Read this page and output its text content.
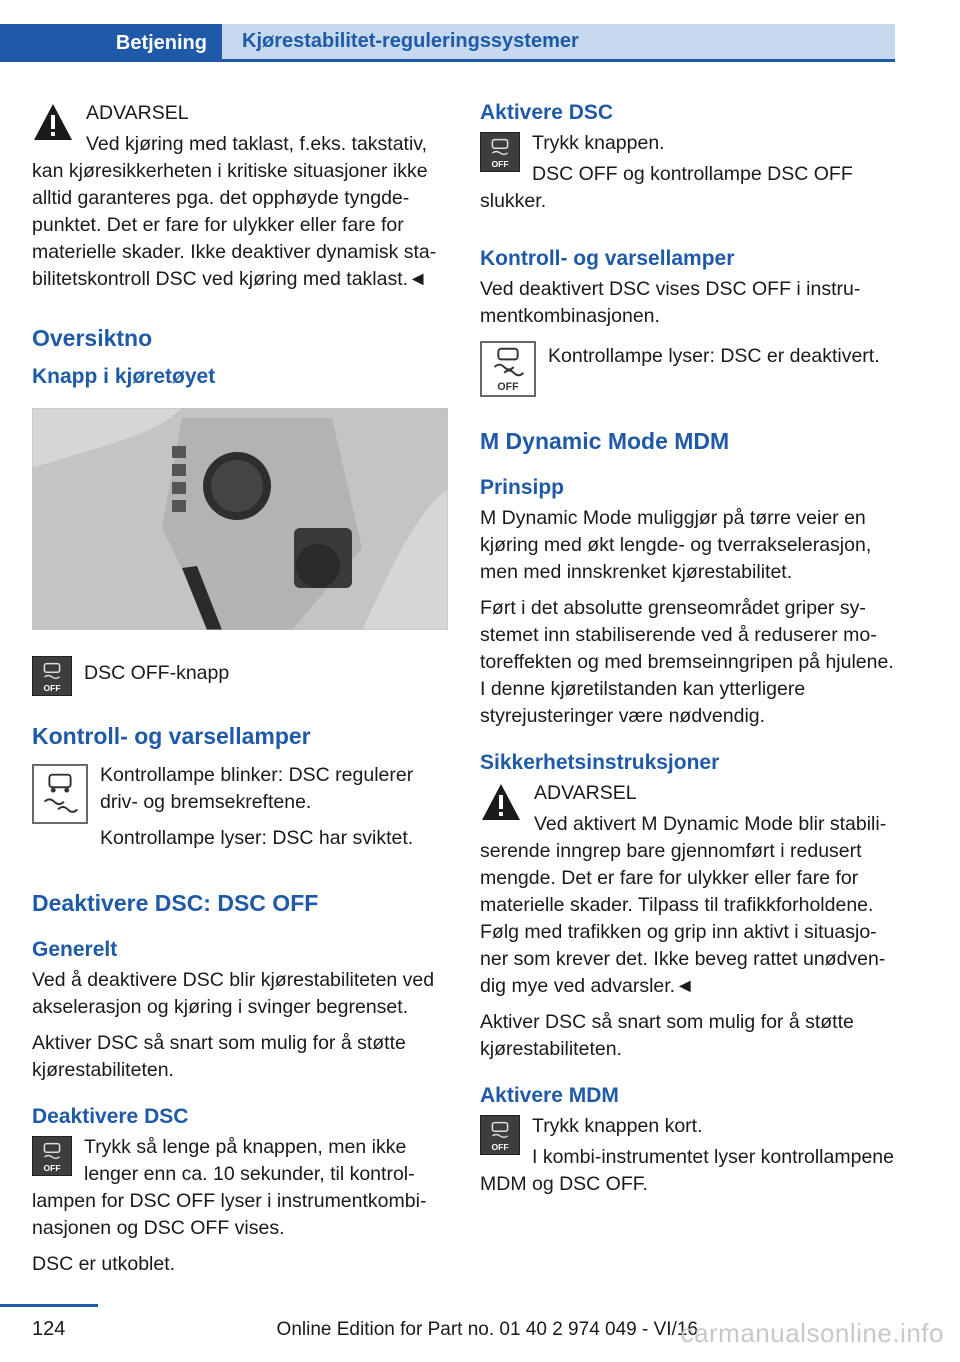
Betjening	Kjørestabilitet-reguleringssystemer

ADVARSEL

Ved kjøring med taklast, f.eks. takstativ, kan kjøresikkerheten i kritiske situasjoner ikke alltid garanteres pga. det opphøyde tyngdepunktet. Det er fare for ulykker eller fare for materielle skader. Ikke deaktiver dynamisk stabilitetskontroll DSC ved kjøring med taklast.◄

Oversiktno
Knapp i kjøretøyet
OFF

DSC OFF-knapp

Kontroll- og varsellamper

Kontrollampe blinker: DSC regulerer driv- og bremsekreftene.

Kontrollampe lyser: DSC har sviktet.

Deaktivere DSC: DSC OFF
Generelt

Ved å deaktivere DSC blir kjørestabiliteten ved akselerasjon og kjøring i svinger begrenset.

Aktiver DSC så snart som mulig for å støtte kjørestabiliteten.

Deaktivere DSC
OFF

Trykk så lenge på knappen, men ikke lenger enn ca. 10 sekunder, til kontrollampen for DSC OFF lyser i instrumentkombinasjonen og DSC OFF vises.

DSC er utkoblet.

Aktivere DSC
OFF

Trykk knappen.

DSC OFF og kontrollampe DSC OFF slukker.

Kontroll- og varsellamper

Ved deaktivert DSC vises DSC OFF i instrumentkombinasjonen.

OFF

Kontrollampe lyser: DSC er deaktivert.

M Dynamic Mode MDM
Prinsipp

M Dynamic Mode muliggjør på tørre veier en kjøring med økt lengde- og tverrakselerasjon, men med innskrenket kjørestabilitet.

Ført i det absolutte grenseområdet griper systemet inn stabiliserende ved å reduserer motoreffekten og med bremseinngripen på hjulene. I denne kjøretilstanden kan ytterligere styrejusteringer være nødvendig.

Sikkerhetsinstruksjoner

ADVARSEL

Ved aktivert M Dynamic Mode blir stabiliserende inngrep bare gjennomført i redusert mengde. Det er fare for ulykker eller fare for materielle skader. Tilpass til trafikkforholdene. Følg med trafikken og grip inn aktivt i situasjoner som krever det. Ikke beveg rattet unødvendig mye ved advarsler.◄

Aktiver DSC så snart som mulig for å støtte kjørestabiliteten.

Aktivere MDM
OFF

Trykk knappen kort.

I kombi-instrumentet lyser kontrollampene MDM og DSC OFF.

124	Online Edition for Part no. 01 40 2 974 049 - VI/16
carmanualsonline.info
